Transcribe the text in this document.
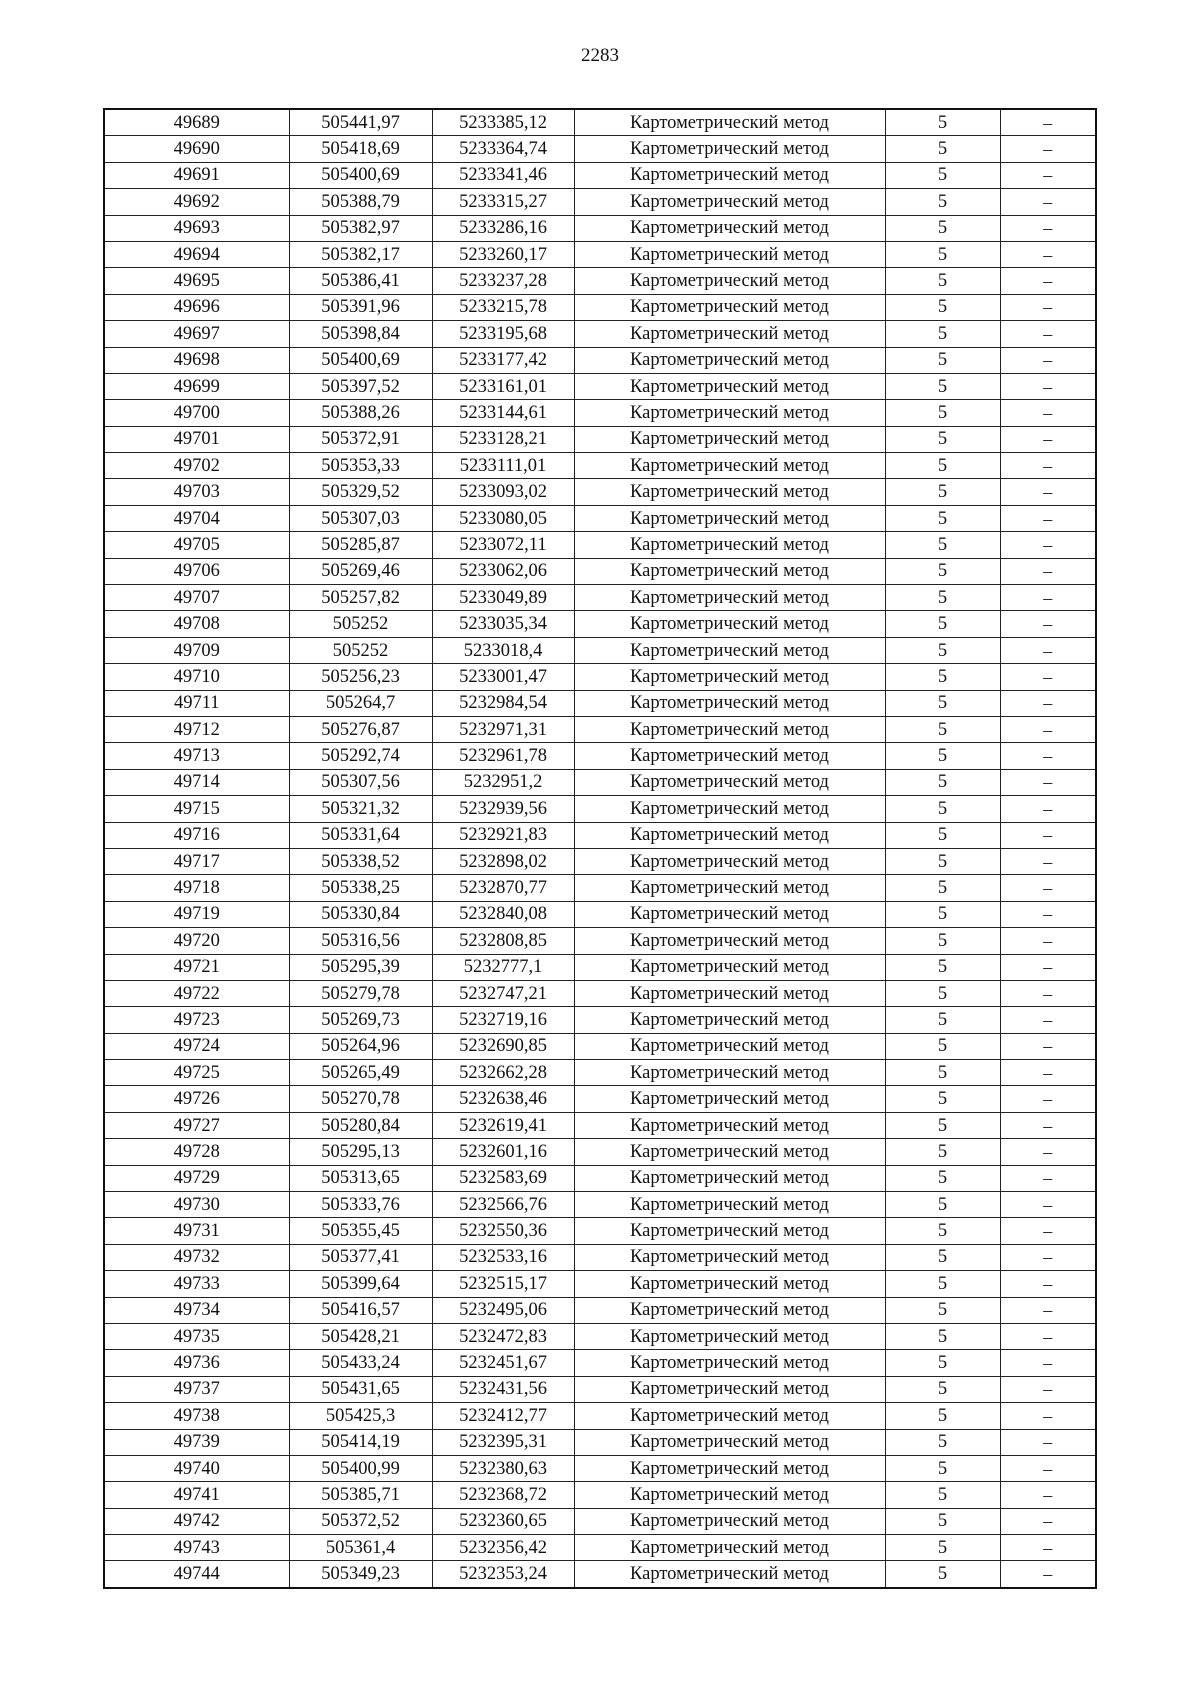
2283
49689	505441,97	5233385,12	Картометрический метод	5	–
49690	505418,69	5233364,74	Картометрический метод	5	–
49691	505400,69	5233341,46	Картометрический метод	5	–
49692	505388,79	5233315,27	Картометрический метод	5	–
49693	505382,97	5233286,16	Картометрический метод	5	–
49694	505382,17	5233260,17	Картометрический метод	5	–
49695	505386,41	5233237,28	Картометрический метод	5	–
49696	505391,96	5233215,78	Картометрический метод	5	–
49697	505398,84	5233195,68	Картометрический метод	5	–
49698	505400,69	5233177,42	Картометрический метод	5	–
49699	505397,52	5233161,01	Картометрический метод	5	–
49700	505388,26	5233144,61	Картометрический метод	5	–
49701	505372,91	5233128,21	Картометрический метод	5	–
49702	505353,33	5233111,01	Картометрический метод	5	–
49703	505329,52	5233093,02	Картометрический метод	5	–
49704	505307,03	5233080,05	Картометрический метод	5	–
49705	505285,87	5233072,11	Картометрический метод	5	–
49706	505269,46	5233062,06	Картометрический метод	5	–
49707	505257,82	5233049,89	Картометрический метод	5	–
49708	505252	5233035,34	Картометрический метод	5	–
49709	505252	5233018,4	Картометрический метод	5	–
49710	505256,23	5233001,47	Картометрический метод	5	–
49711	505264,7	5232984,54	Картометрический метод	5	–
49712	505276,87	5232971,31	Картометрический метод	5	–
49713	505292,74	5232961,78	Картометрический метод	5	–
49714	505307,56	5232951,2	Картометрический метод	5	–
49715	505321,32	5232939,56	Картометрический метод	5	–
49716	505331,64	5232921,83	Картометрический метод	5	–
49717	505338,52	5232898,02	Картометрический метод	5	–
49718	505338,25	5232870,77	Картометрический метод	5	–
49719	505330,84	5232840,08	Картометрический метод	5	–
49720	505316,56	5232808,85	Картометрический метод	5	–
49721	505295,39	5232777,1	Картометрический метод	5	–
49722	505279,78	5232747,21	Картометрический метод	5	–
49723	505269,73	5232719,16	Картометрический метод	5	–
49724	505264,96	5232690,85	Картометрический метод	5	–
49725	505265,49	5232662,28	Картометрический метод	5	–
49726	505270,78	5232638,46	Картометрический метод	5	–
49727	505280,84	5232619,41	Картометрический метод	5	–
49728	505295,13	5232601,16	Картометрический метод	5	–
49729	505313,65	5232583,69	Картометрический метод	5	–
49730	505333,76	5232566,76	Картометрический метод	5	–
49731	505355,45	5232550,36	Картометрический метод	5	–
49732	505377,41	5232533,16	Картометрический метод	5	–
49733	505399,64	5232515,17	Картометрический метод	5	–
49734	505416,57	5232495,06	Картометрический метод	5	–
49735	505428,21	5232472,83	Картометрический метод	5	–
49736	505433,24	5232451,67	Картометрический метод	5	–
49737	505431,65	5232431,56	Картометрический метод	5	–
49738	505425,3	5232412,77	Картометрический метод	5	–
49739	505414,19	5232395,31	Картометрический метод	5	–
49740	505400,99	5232380,63	Картометрический метод	5	–
49741	505385,71	5232368,72	Картометрический метод	5	–
49742	505372,52	5232360,65	Картометрический метод	5	–
49743	505361,4	5232356,42	Картометрический метод	5	–
49744	505349,23	5232353,24	Картометрический метод	5	–
